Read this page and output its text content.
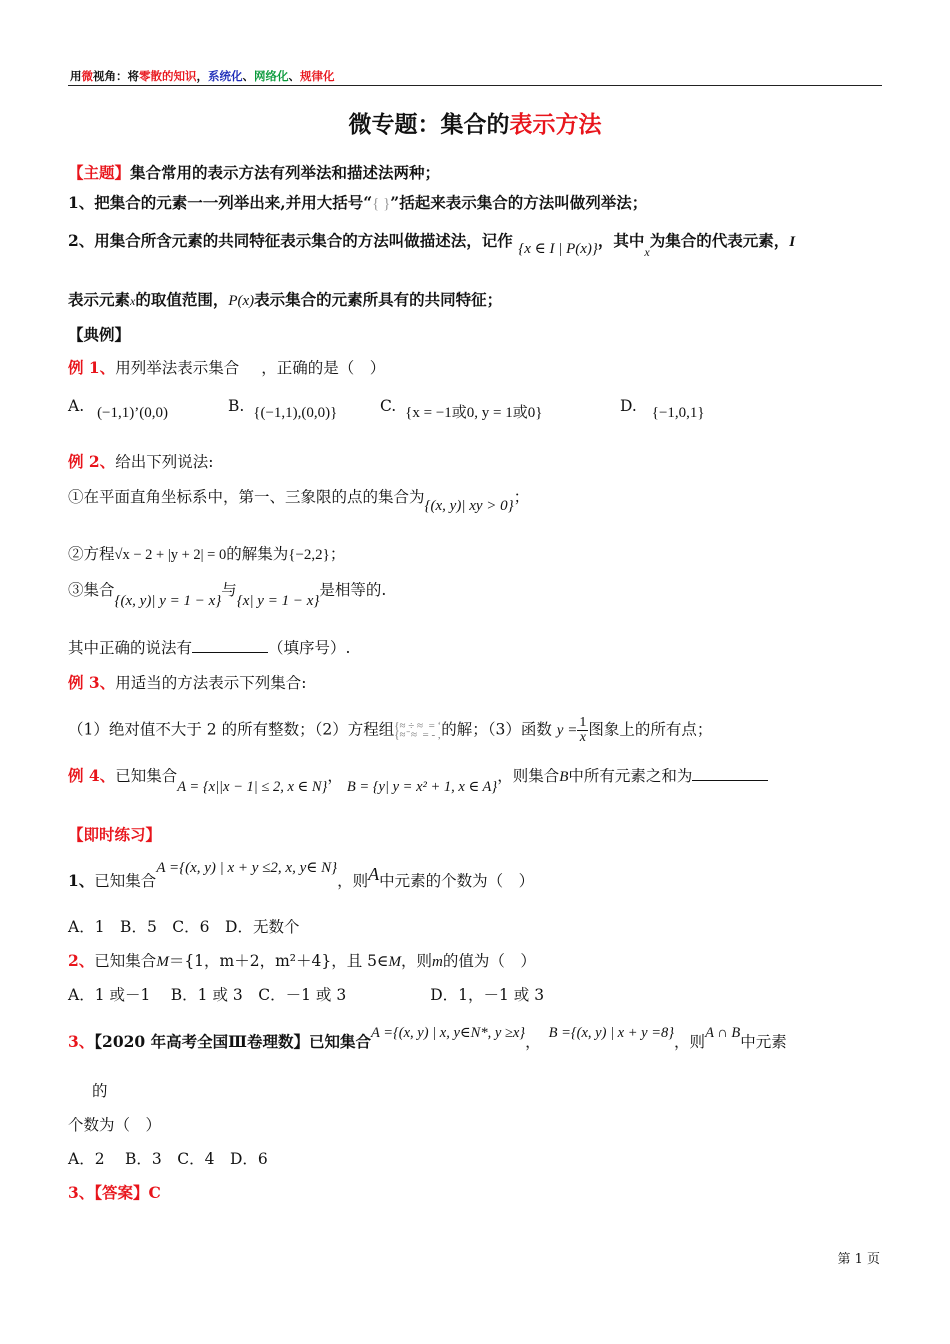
用微视角：将零散的知识，系统化、网络化、规律化
微专题：集合的表示方法
【主题】集合常用的表示方法有列举法和描述法两种；
1、把集合的元素一一列举出来,并用大括号“{ }”括起来表示集合的方法叫做列举法；
2、用集合所含元素的共同特征表示集合的方法叫做描述法，记作 {x ∈ I | P(x)}，其中$_x$为集合的代表元素，I
表示元素x的取值范围，P(x)表示集合的元素所具有的共同特征；
【典例】
例 1、用列举法表示集合 ，正确的是（　）
A. (−1,1)’(0,0)	B. {(−1,1),(0,0)}	C. {x = −1或0, y = 1或0}	D. {−1,0,1}
例 2、给出下列说法:
①在平面直角坐标系中，第一、三象限的点的集合为{(x, y)| xy > 0}；
②方程√x − 2 + |y + 2| = 0的解集为{−2,2}；
③集合{(x, y)| y = 1 − x}与{x| y = 1 − x}是相等的.
其中正确的说法有	（填序号）.
例 3、用适当的方法表示下列集合:
（1）绝对值不大于 2 的所有整数；（2）方程组{≈ ÷ ≈  = ʻ
{≈ ̄ ≈  = - ,的解；（3）函数 $y = \frac{1}{x}$ 图象上的所有点；
例 4、已知集合A = {x||x − 1| ≤ 2, x ∈ N}，B = {y| y = x² + 1, x ∈ A}，则集合B中所有元素之和为
【即时练习】
1、已知集合A ={(x, y) | x + y ≤2, x, y∈ N}，则A中元素的个数为（　）
A．1　B．5　C．6　D．无数个
2、已知集合M＝{1，m＋2，m²＋4}，且 5∈M，则m的值为（　）
A．1 或－1　 B．1 或 3　C．－1 或 3	D．1，－1 或 3
3、【2020 年高考全国Ⅲ卷理数】已知集合A ={(x, y) | x, y∈N*, y ≥x}， B ={(x, y) | x + y =8}，则A ∩ B中元素
的
个数为（　）
A．2　 B．3　C．4　D．6
3、【答案】C
第 1 页
